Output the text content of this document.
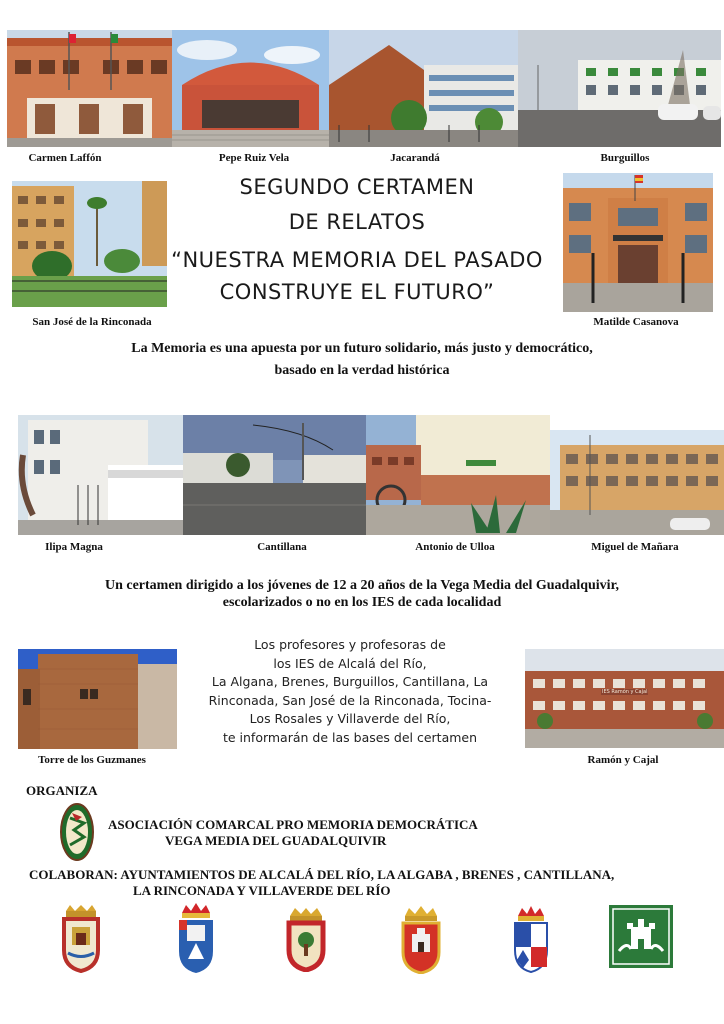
Carmen Laffón	Pepe Ruiz Vela	Jacarandá	Burguillos
San José de la Rinconada
SEGUNDO CERTAMEN
DE RELATOS
“NUESTRA MEMORIA DEL PASADO
CONSTRUYE EL FUTURO”
Matilde Casanova
La Memoria es una apuesta por un futuro solidario, más justo y democrático,
basado en la verdad histórica
Ilipa Magna	Cantillana	Antonio de Ulloa	Miguel de Mañara
Un certamen dirigido a los jóvenes de 12 a 20 años de la Vega Media del Guadalquivir,
escolarizados o no en los IES de cada localidad
Torre de los Guzmanes
Los profesores y profesoras de
los IES de Alcalá del Río,
La Algana, Brenes, Burguillos, Cantillana, La
Rinconada, San José de la Rinconada, Tocina-
Los Rosales y Villaverde del Río,
te informarán de las bases del certamen
IES Ramón y Cajal
Ramón y Cajal
ORGANIZA
ASOCIACIÓN COMARCAL PRO MEMORIA DEMOCRÁTICA
VEGA MEDIA DEL GUADALQUIVIR
COLABORAN: AYUNTAMIENTOS DE ALCALÁ DEL RÍO, LA ALGABA , BRENES , CANTILLANA,
LA RINCONADA Y VILLAVERDE DEL RÍO
